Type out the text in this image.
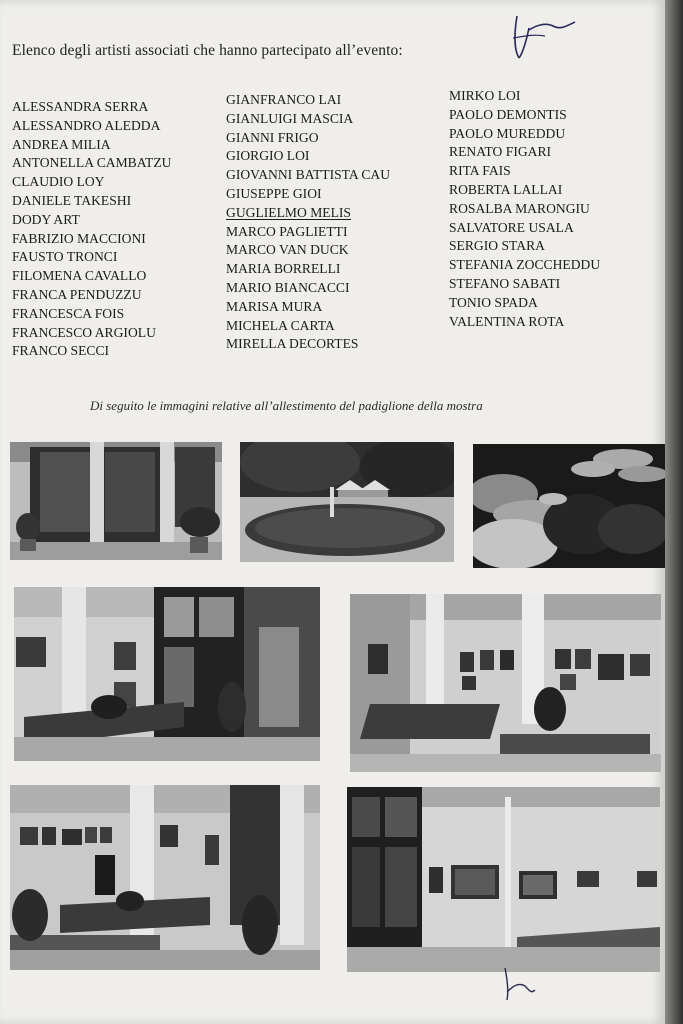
Elenco degli artisti associati che hanno partecipato all’evento:
ALESSANDRA SERRA
ALESSANDRO ALEDDA
ANDREA MILIA
ANTONELLA CAMBATZU
CLAUDIO LOY
DANIELE TAKESHI
DODY ART
FABRIZIO MACCIONI
FAUSTO TRONCI
FILOMENA CAVALLO
FRANCA PENDUZZU
FRANCESCA FOIS
FRANCESCO ARGIOLU
FRANCO SECCI
GIANFRANCO LAI
GIANLUIGI MASCIA
GIANNI FRIGO
GIORGIO LOI
GIOVANNI BATTISTA CAU
GIUSEPPE GIOI
GUGLIELMO MELIS
MARCO PAGLIETTI
MARCO VAN DUCK
MARIA BORRELLI
MARIO BIANCACCI
MARISA MURA
MICHELA CARTA
MIRELLA DECORTES
MIRKO LOI
PAOLO DEMONTIS
PAOLO MUREDDU
RENATO FIGARI
RITA FAIS
ROBERTA LALLAI
ROSALBA MARONGIU
SALVATORE USALA
SERGIO STARA
STEFANIA ZOCCHEDDU
STEFANO SABATI
TONIO SPADA
VALENTINA ROTA
Di seguito le immagini relative all’allestimento del padiglione della mostra
